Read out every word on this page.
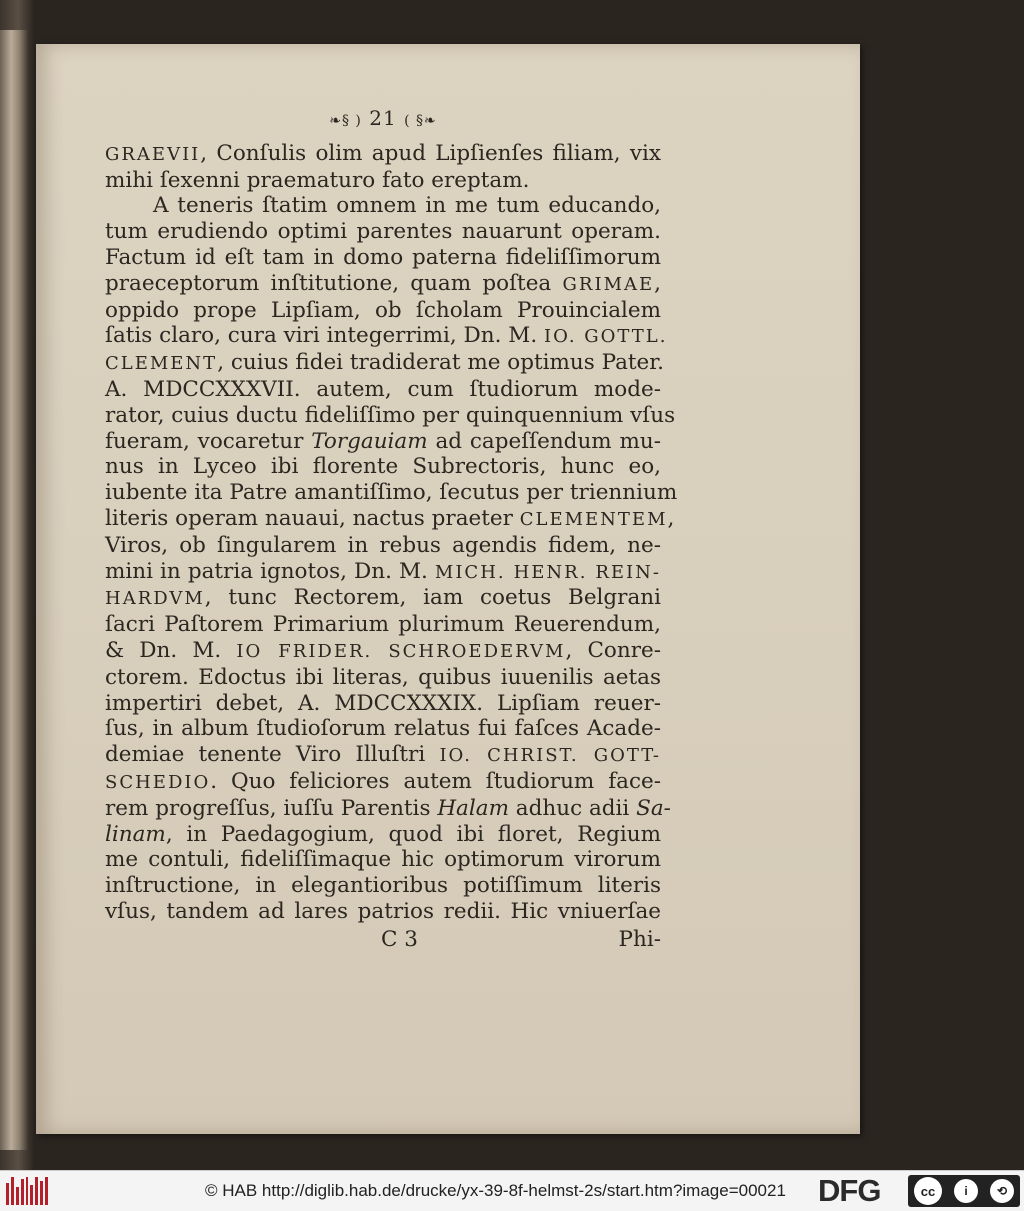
❧§ ) 21 ( §❧
GRAEVII, Conſulis olim apud Lipſienſes filiam, vix
mihi ſexenni praematuro fato ereptam.
A teneris ſtatim omnem in me tum educando,
tum erudiendo optimi parentes nauarunt operam.
Factum id eſt tam in domo paterna fideliſſimorum
praeceptorum inſtitutione, quam poſtea GRIMAE,
oppido prope Lipſiam, ob ſcholam Prouincialem
ſatis claro, cura viri integerrimi, Dn. M. IO. GOTTL.
CLEMENT, cuius fidei tradiderat me optimus Pater.
A. MDCCXXXVII. autem, cum ſtudiorum mode-
rator, cuius ductu fideliſſimo per quinquennium vſus
fueram, vocaretur Torgauiam ad capeſſendum mu-
nus in Lyceo ibi florente Subrectoris, hunc eo,
iubente ita Patre amantiſſimo, ſecutus per triennium
literis operam nauaui, nactus praeter CLEMENTEM,
Viros, ob ſingularem in rebus agendis fidem, ne-
mini in patria ignotos, Dn. M. MICH. HENR. REIN-
HARDVM, tunc Rectorem, iam coetus Belgrani
ſacri Paſtorem Primarium plurimum Reuerendum,
& Dn. M. IO FRIDER. SCHROEDERVM, Conre-
ctorem. Edoctus ibi literas, quibus iuuenilis aetas
impertiri debet, A. MDCCXXXIX. Lipſiam reuer-
ſus, in album ſtudioſorum relatus fui faſces Acade-
demiae tenente Viro Illuſtri IO. CHRIST. GOTT-
SCHEDIO. Quo feliciores autem ſtudiorum face-
rem progreſſus, iuſſu Parentis Halam adhuc adii Sa-
linam, in Paedagogium, quod ibi floret, Regium
me contuli, fideliſſimaque hic optimorum virorum
inſtructione, in elegantioribus potiſſimum literis
vſus, tandem ad lares patrios redii. Hic vniuerſae
C 3	Phi-
© HAB http://diglib.hab.de/drucke/yx-39-8f-helmst-2s/start.htm?image=00021 DFG	cc	i	⟲
